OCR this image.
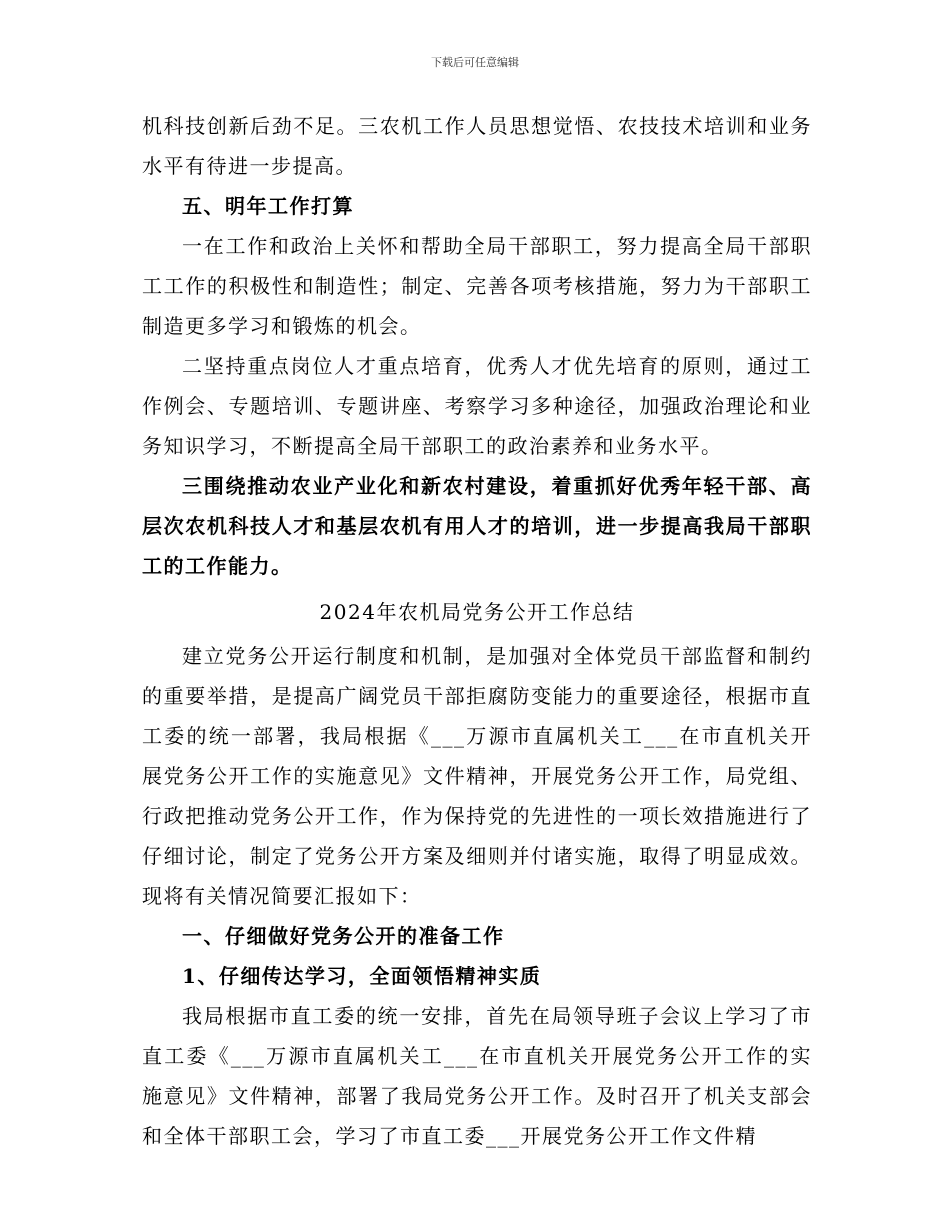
下载后可任意编辑

机科技创新后劲不足。三农机工作人员思想觉悟、农技技术培训和业务水平有待进一步提高。

五、明年工作打算

一在工作和政治上关怀和帮助全局干部职工，努力提高全局干部职工工作的积极性和制造性；制定、完善各项考核措施，努力为干部职工制造更多学习和锻炼的机会。

二坚持重点岗位人才重点培育，优秀人才优先培育的原则，通过工作例会、专题培训、专题讲座、考察学习多种途径，加强政治理论和业务知识学习，不断提高全局干部职工的政治素养和业务水平。

三围绕推动农业产业化和新农村建设，着重抓好优秀年轻干部、高层次农机科技人才和基层农机有用人才的培训，进一步提高我局干部职工的工作能力。

2024年农机局党务公开工作总结

建立党务公开运行制度和机制，是加强对全体党员干部监督和制约的重要举措，是提高广阔党员干部拒腐防变能力的重要途径，根据市直工委的统一部署，我局根据《___万源市直属机关工___在市直机关开展党务公开工作的实施意见》文件精神，开展党务公开工作，局党组、行政把推动党务公开工作，作为保持党的先进性的一项长效措施进行了仔细讨论，制定了党务公开方案及细则并付诸实施，取得了明显成效。现将有关情况简要汇报如下：

一、仔细做好党务公开的准备工作

1、仔细传达学习，全面领悟精神实质

我局根据市直工委的统一安排，首先在局领导班子会议上学习了市直工委《___万源市直属机关工___在市直机关开展党务公开工作的实施意见》文件精神，部署了我局党务公开工作。及时召开了机关支部会和全体干部职工会，学习了市直工委___开展党务公开工作文件精
